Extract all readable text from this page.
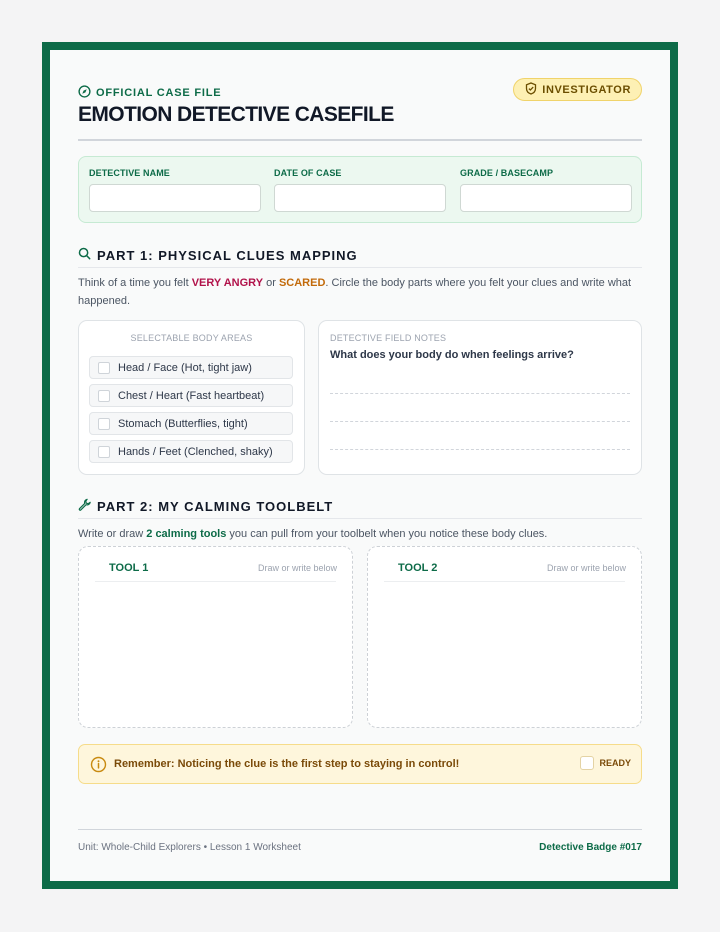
OFFICIAL CASE FILE
EMOTION DETECTIVE CASEFILE
INVESTIGATOR
DETECTIVE NAME	DATE OF CASE	GRADE / BASECAMP
PART 1: PHYSICAL CLUES MAPPING
Think of a time you felt VERY ANGRY or SCARED. Circle the body parts where you felt your clues and write what happened.
SELECTABLE BODY AREAS
Head / Face (Hot, tight jaw)
Chest / Heart (Fast heartbeat)
Stomach (Butterflies, tight)
Hands / Feet (Clenched, shaky)
DETECTIVE FIELD NOTES
What does your body do when feelings arrive?
PART 2: MY CALMING TOOLBELT
Write or draw 2 calming tools you can pull from your toolbelt when you notice these body clues.
TOOL 1	Draw or write below	TOOL 2	Draw or write below
Remember: Noticing the clue is the first step to staying in control!	READY
Unit: Whole-Child Explorers • Lesson 1 Worksheet	Detective Badge #017
